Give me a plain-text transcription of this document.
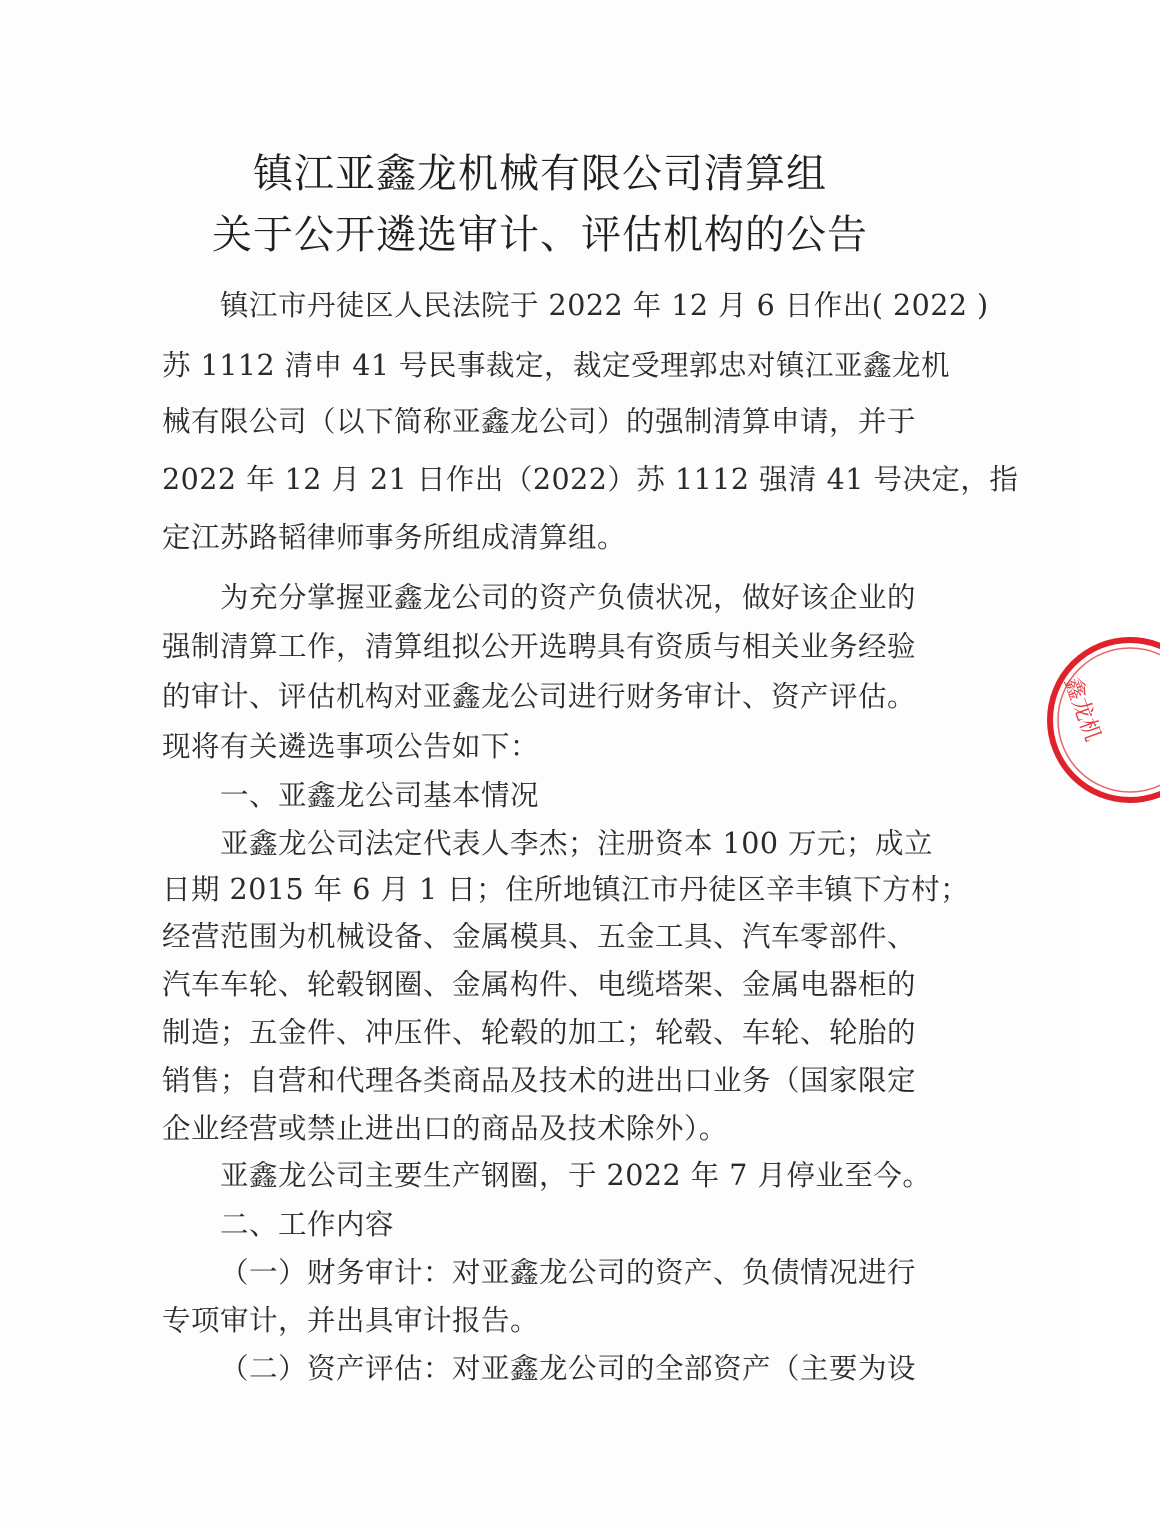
镇江亚鑫龙机械有限公司清算组
关于公开遴选审计、评估机构的公告
镇江市丹徒区人民法院于 2022 年 12 月 6 日作出( 2022 )
苏 1112 清申 41 号民事裁定，裁定受理郭忠对镇江亚鑫龙机
械有限公司（以下简称亚鑫龙公司）的强制清算申请，并于
2022 年 12 月 21 日作出（2022）苏 1112 强清 41 号决定，指
定江苏路韬律师事务所组成清算组。
为充分掌握亚鑫龙公司的资产负债状况，做好该企业的
强制清算工作，清算组拟公开选聘具有资质与相关业务经验
的审计、评估机构对亚鑫龙公司进行财务审计、资产评估。
现将有关遴选事项公告如下：
一、亚鑫龙公司基本情况
亚鑫龙公司法定代表人李杰；注册资本 100 万元；成立
日期 2015 年 6 月 1 日；住所地镇江市丹徒区辛丰镇下方村；
经营范围为机械设备、金属模具、五金工具、汽车零部件、
汽车车轮、轮毂钢圈、金属构件、电缆塔架、金属电器柜的
制造；五金件、冲压件、轮毂的加工；轮毂、车轮、轮胎的
销售；自营和代理各类商品及技术的进出口业务（国家限定
企业经营或禁止进出口的商品及技术除外）。
亚鑫龙公司主要生产钢圈，于 2022 年 7 月停业至今。
二、工作内容
（一）财务审计：对亚鑫龙公司的资产、负债情况进行
专项审计，并出具审计报告。
（二）资产评估：对亚鑫龙公司的全部资产（主要为设
鑫龙机
